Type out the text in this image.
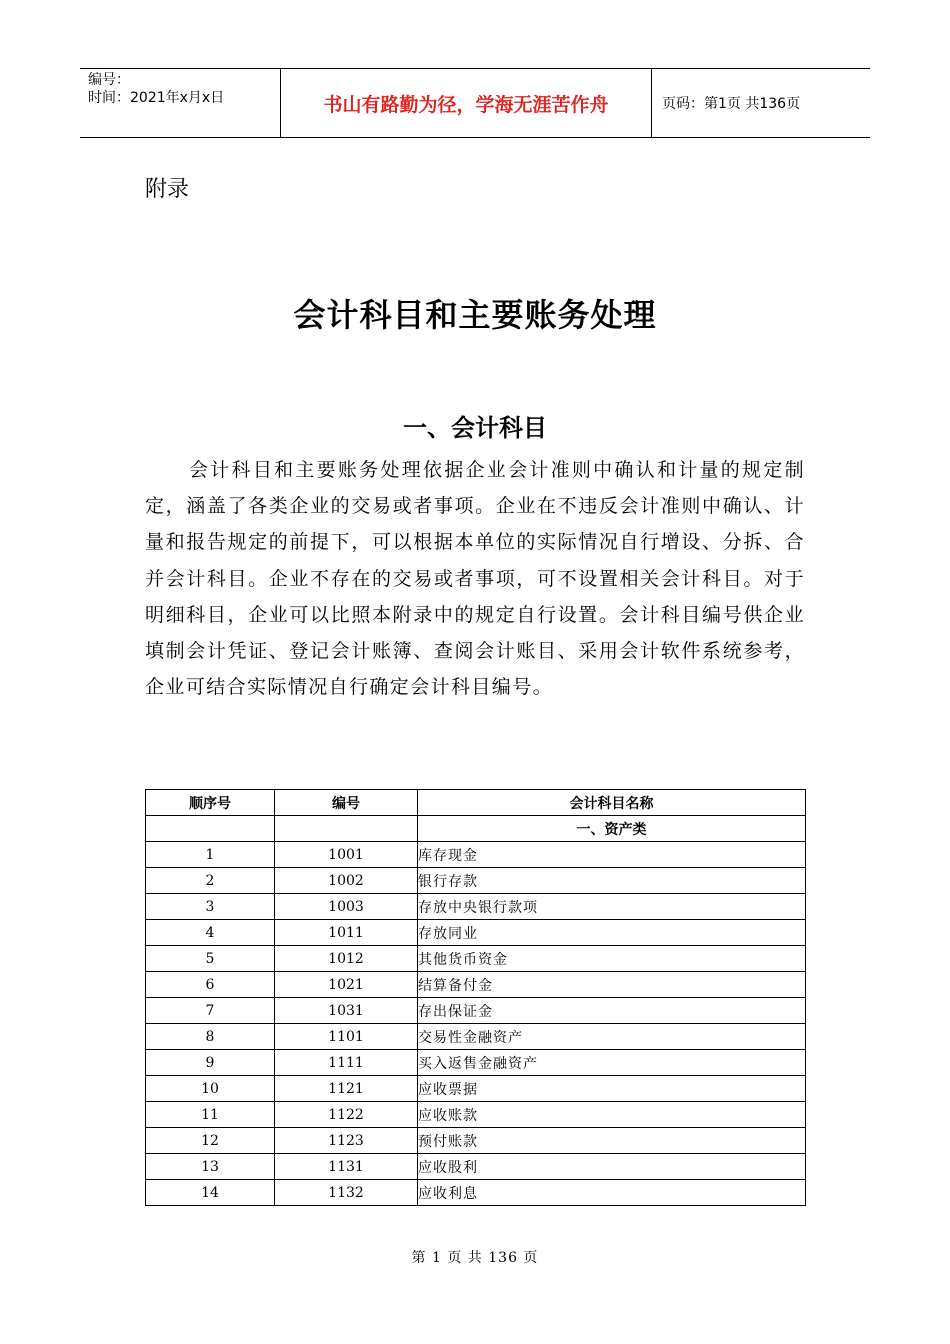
编号：
时间：2021年x月x日	书山有路勤为径，学海无涯苦作舟	页码：第1页 共136页
附录
会计科目和主要账务处理
一、会计科目
会计科目和主要账务处理依据企业会计准则中确认和计量的规定制定，涵盖了各类企业的交易或者事项。企业在不违反会计准则中确认、计量和报告规定的前提下，可以根据本单位的实际情况自行增设、分拆、合并会计科目。企业不存在的交易或者事项，可不设置相关会计科目。对于明细科目，企业可以比照本附录中的规定自行设置。会计科目编号供企业填制会计凭证、登记会计账簿、查阅会计账目、采用会计软件系统参考，企业可结合实际情况自行确定会计科目编号。
顺序号	编号	会计科目名称
		一、资产类
1	1001	库存现金
2	1002	银行存款
3	1003	存放中央银行款项
4	1011	存放同业
5	1012	其他货币资金
6	1021	结算备付金
7	1031	存出保证金
8	1101	交易性金融资产
9	1111	买入返售金融资产
10	1121	应收票据
11	1122	应收账款
12	1123	预付账款
13	1131	应收股利
14	1132	应收利息
第 1 页 共 136 页
